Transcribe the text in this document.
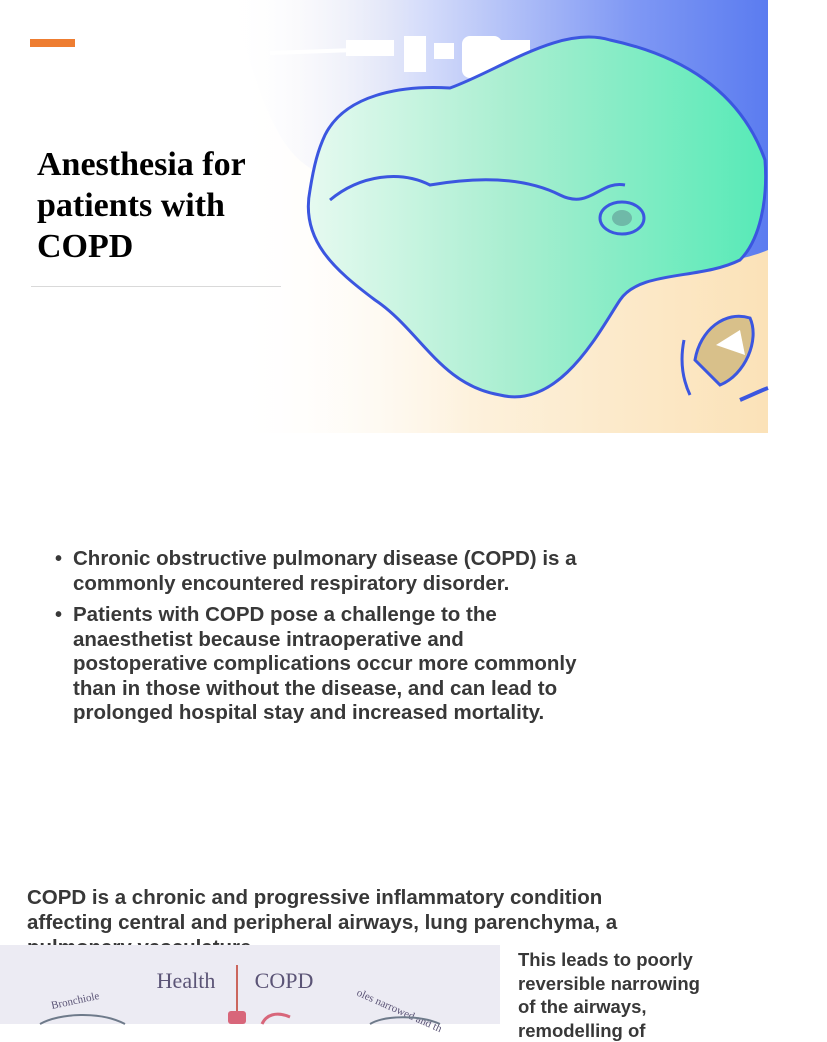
Anesthesia for
patients with
COPD
• Chronic obstructive pulmonary disease (COPD) is a
commonly encountered respiratory disorder.
• Patients with COPD pose a challenge to the
anaesthetist because intraoperative and
postoperative complications occur more commonly
than in those without the disease, and can lead to
prolonged hospital stay and increased mortality.

COPD is a chronic and progressive inflammatory condition
affecting central and peripheral airways, lung parenchyma, a

Health COPD
Bronchiole	oles narrowed and th

This leads to poorly
reversible narrowing
of the airways,
remodelling of
